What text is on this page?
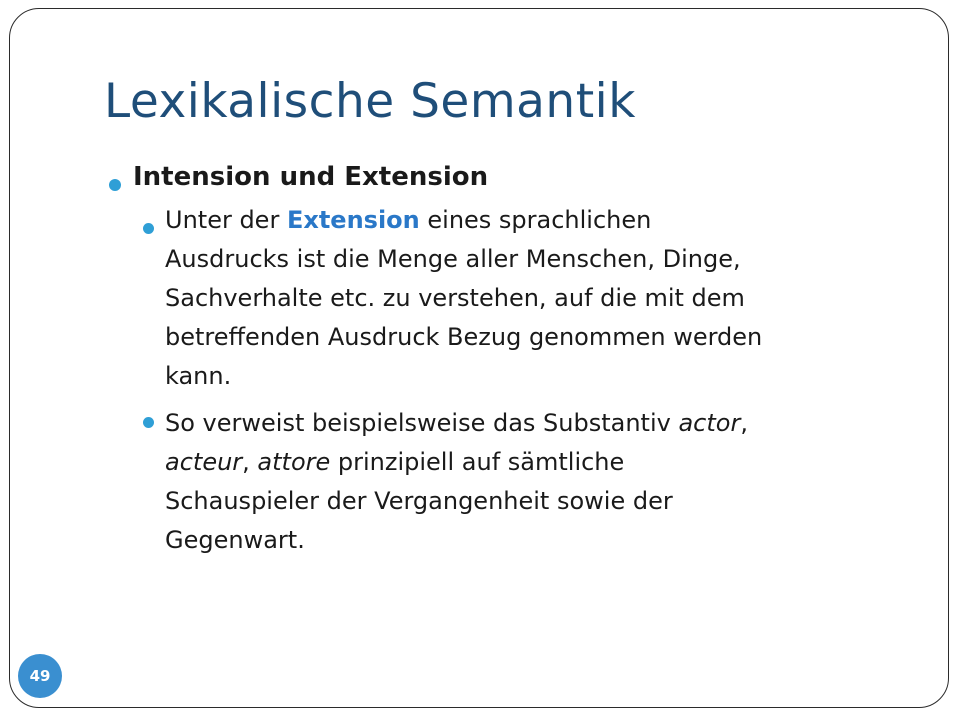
Lexikalische Semantik
Intension und Extension

Unter der Extension eines sprachlichen
Ausdrucks ist die Menge aller Menschen, Dinge,
Sachverhalte etc. zu verstehen, auf die mit dem
betreffenden Ausdruck Bezug genommen werden
kann.

So verweist beispielsweise das Substantiv actor,
acteur, attore prinzipiell auf sämtliche
Schauspieler der Vergangenheit sowie der
Gegenwart.

49
